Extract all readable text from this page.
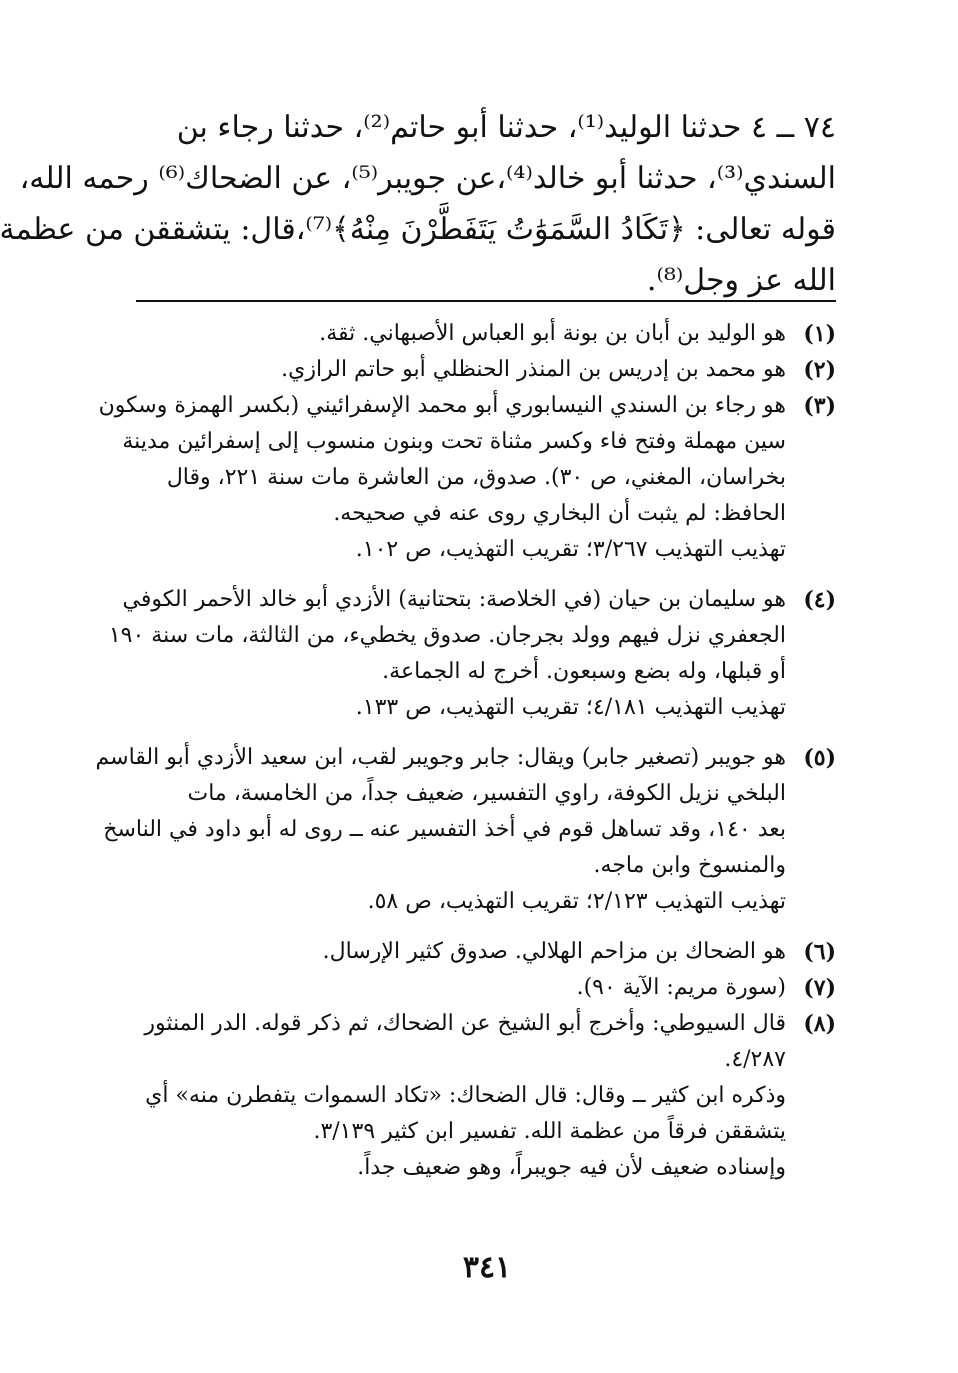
٧٤ ــ ٤ حدثنا الوليد⁽¹⁾، حدثنا أبو حاتم⁽²⁾، حدثنا رجاء بن
السندي⁽³⁾، حدثنا أبو خالد⁽⁴⁾،عن جويبر⁽⁵⁾، عن الضحاك⁽⁶⁾ رحمه الله،
قوله تعالى: ﴿تَكَادُ السَّمَوَٰتُ يَتَفَطَّرْنَ مِنْهُ﴾⁽⁷⁾،قال: يتشققن من عظمة
الله عز وجل⁽⁸⁾.
(١)
هو الوليد بن أبان بن بونة أبو العباس الأصبهاني. ثقة.
(٢)
هو محمد بن إدريس بن المنذر الحنظلي أبو حاتم الرازي.
(٣)
هو رجاء بن السندي النيسابوري أبو محمد الإسفرائيني (بكسر الهمزة وسكون
سين مهملة وفتح فاء وكسر مثناة تحت وبنون منسوب إلى إسفرائين مدينة
بخراسان، المغني، ص ٣٠). صدوق، من العاشرة مات سنة ٢٢١، وقال
الحافظ: لم يثبت أن البخاري روى عنه في صحيحه.
تهذيب التهذيب ٣/٢٦٧؛ تقريب التهذيب، ص ١٠٢.
(٤)
هو سليمان بن حيان (في الخلاصة: بتحتانية) الأزدي أبو خالد الأحمر الكوفي
الجعفري نزل فيهم وولد بجرجان. صدوق يخطيء، من الثالثة، مات سنة ١٩٠
أو قبلها، وله بضع وسبعون. أخرج له الجماعة.
تهذيب التهذيب ٤/١٨١؛ تقريب التهذيب، ص ١٣٣.
(٥)
هو جويبر (تصغير جابر) ويقال: جابر وجويبر لقب، ابن سعيد الأزدي أبو القاسم
البلخي نزيل الكوفة، راوي التفسير، ضعيف جداً، من الخامسة، مات
بعد ١٤٠، وقد تساهل قوم في أخذ التفسير عنه ــ روى له أبو داود في الناسخ
والمنسوخ وابن ماجه.
تهذيب التهذيب ٢/١٢٣؛ تقريب التهذيب، ص ٥٨.
(٦)
هو الضحاك بن مزاحم الهلالي. صدوق كثير الإرسال.
(٧)
(سورة مريم: الآية ٩٠).
(٨)
قال السيوطي: وأخرج أبو الشيخ عن الضحاك، ثم ذكر قوله. الدر المنثور
٤/٢٨٧.
وذكره ابن كثير ــ وقال: قال الضحاك: «تكاد السموات يتفطرن منه» أي
يتشققن فرقاً من عظمة الله. تفسير ابن كثير ٣/١٣٩.
وإسناده ضعيف لأن فيه جويبراً، وهو ضعيف جداً.
٣٤١
